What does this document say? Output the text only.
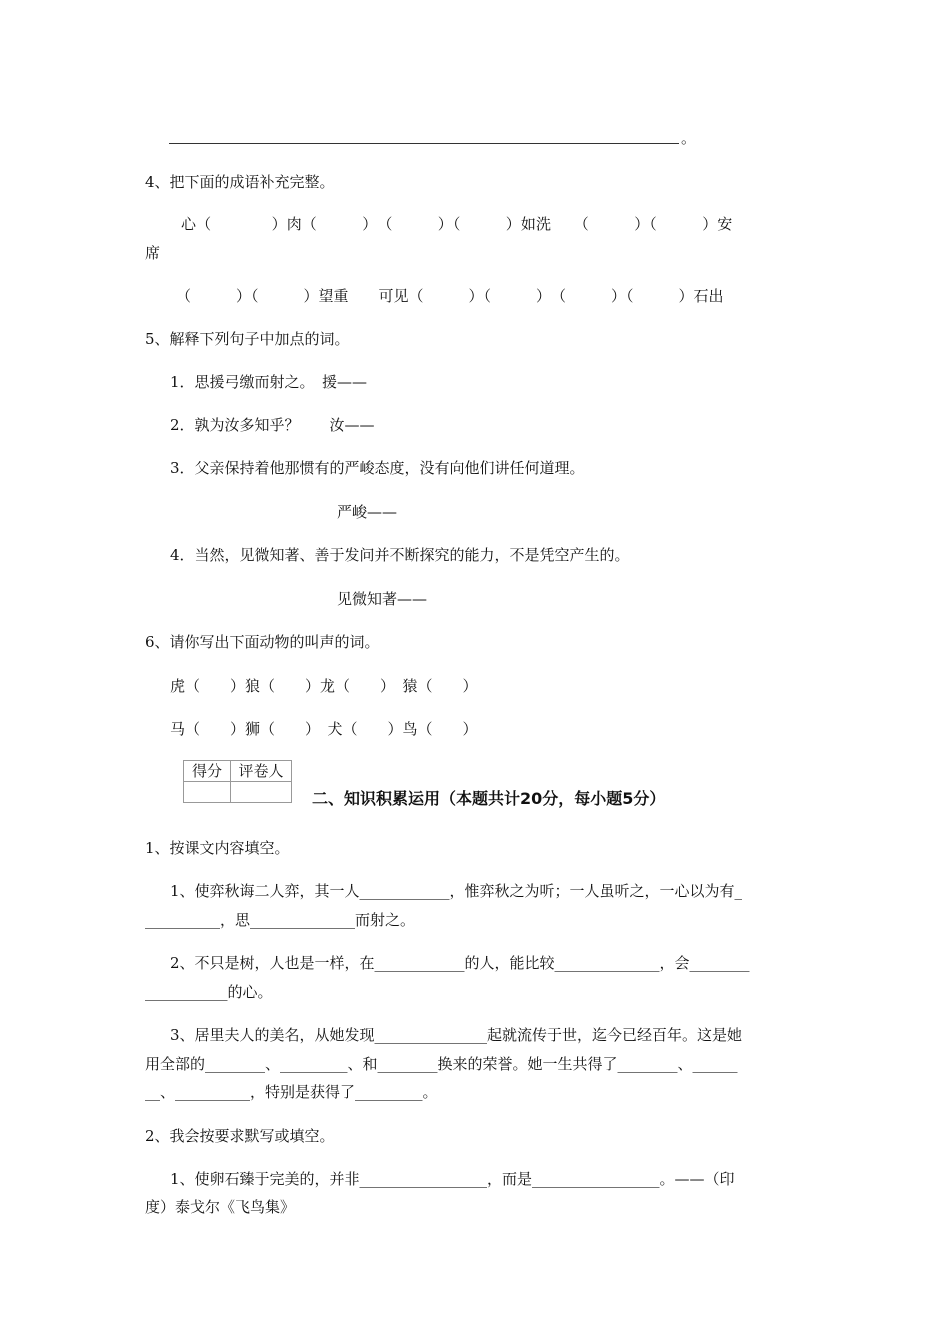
。
4、把下面的成语补充完整。
心（　　　　）肉（　　　）　（　　　）（　　　）如洗　　（　　　）（　　　）安
席
（　　　）（　　　）望重　　可见（　　　）（　　　）　（　　　）（　　　）石出
5、解释下列句子中加点的词。
1．思援弓缴而射之。　援——
2．孰为汝多知乎？　　汝——
3．父亲保持着他那惯有的严峻态度，没有向他们讲任何道理。
严峻——
4．当然，见微知著、善于发问并不断探究的能力，不是凭空产生的。
见微知著——
6、请你写出下面动物的叫声的词。
虎（　　）狼（　　）龙（　　）　猿（　　）
马（　　）狮（　　）　犬（　　）鸟（　　）
得分	评卷人

二、知识积累运用（本题共计20分，每小题5分）
1、按课文内容填空。
1、使弈秋诲二人弈，其一人____________，惟弈秋之为听；一人虽听之，一心以为有_
__________，思______________而射之。
2、不只是树，人也是一样，在____________的人，能比较______________，会________
___________的心。
3、居里夫人的美名，从她发现_______________起就流传于世，迄今已经百年。这是她
用全部的________、_________、和________换来的荣誉。她一生共得了________、______
__、__________，特别是获得了_________。
2、我会按要求默写或填空。
1、使卵石臻于完美的，并非_________________，而是_________________。——（印
度）泰戈尔《飞鸟集》
